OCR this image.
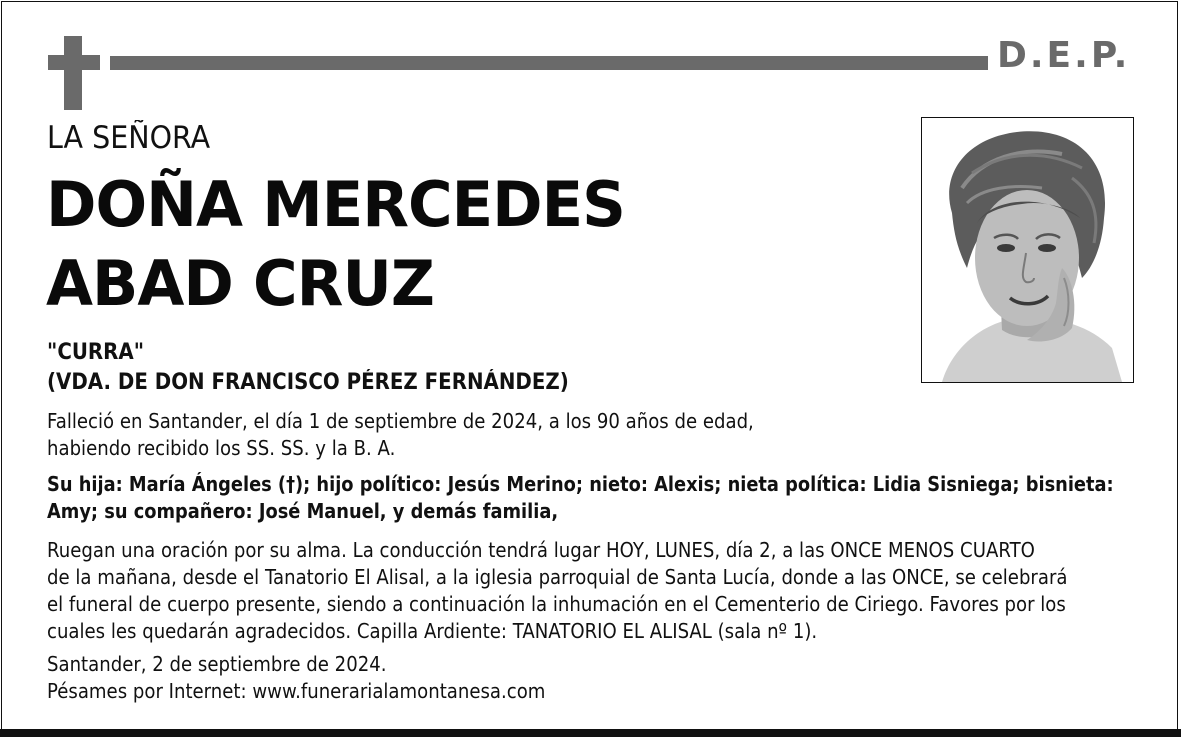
D.E.P.
LA SEÑORA
DOÑA MERCEDES
ABAD CRUZ
"CURRA"
(VDA. DE DON FRANCISCO PÉREZ FERNÁNDEZ)
Falleció en Santander, el día 1 de septiembre de 2024, a los 90 años de edad,
habiendo recibido los SS. SS. y la B. A.
Su hija: María Ángeles (†); hijo político: Jesús Merino; nieto: Alexis; nieta política: Lidia Sisniega; bisnieta:
Amy; su compañero: José Manuel, y demás familia,
Ruegan una oración por su alma. La conducción tendrá lugar HOY, LUNES, día 2, a las ONCE MENOS CUARTO
de la mañana, desde el Tanatorio El Alisal, a la iglesia parroquial de Santa Lucía, donde a las ONCE, se celebrará
el funeral de cuerpo presente, siendo a continuación la inhumación en el Cementerio de Ciriego. Favores por los
cuales les quedarán agradecidos. Capilla Ardiente: TANATORIO EL ALISAL (sala nº 1).
Santander, 2 de septiembre de 2024.
Pésames por Internet: www.funerarialamontanesa.com
